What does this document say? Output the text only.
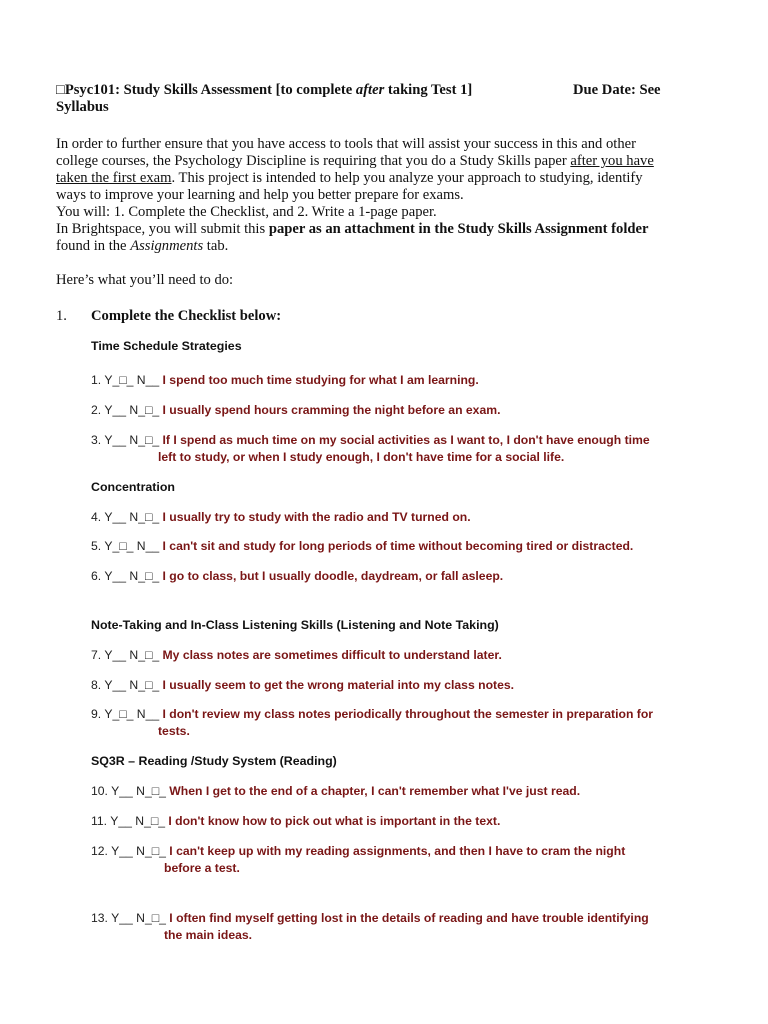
□Psyc101: Study Skills Assessment [to complete after taking Test 1]	Due Date: See
Syllabus
In order to further ensure that you have access to tools that will assist your success in this and other
college courses, the Psychology Discipline is requiring that you do a Study Skills paper after you have
taken the first exam. This project is intended to help you analyze your approach to studying, identify
ways to improve your learning and help you better prepare for exams.
You will: 1. Complete the Checklist, and 2. Write a 1-page paper.
In Brightspace, you will submit this paper as an attachment in the Study Skills Assignment folder
found in the Assignments tab.
Here’s what you’ll need to do:
1. Complete the Checklist below:
Time Schedule Strategies
1. Y_□_ N__ I spend too much time studying for what I am learning.
2. Y__ N_□_ I usually spend hours cramming the night before an exam.
3. Y__ N_□_ If I spend as much time on my social activities as I want to, I don't have enough time
left to study, or when I study enough, I don't have time for a social life.
Concentration
4. Y__ N_□_ I usually try to study with the radio and TV turned on.
5. Y_□_ N__ I can't sit and study for long periods of time without becoming tired or distracted.
6. Y__ N_□_ I go to class, but I usually doodle, daydream, or fall asleep.
Note-Taking and In-Class Listening Skills (Listening and Note Taking)
7. Y__ N_□_ My class notes are sometimes difficult to understand later.
8. Y__ N_□_ I usually seem to get the wrong material into my class notes.
9. Y_□_ N__ I don't review my class notes periodically throughout the semester in preparation for
tests.
SQ3R – Reading /Study System (Reading)
10. Y__ N_□_ When I get to the end of a chapter, I can't remember what I've just read.
11. Y__ N_□_ I don't know how to pick out what is important in the text.
12. Y__ N_□_ I can't keep up with my reading assignments, and then I have to cram the night
before a test.
13. Y__ N_□_ I often find myself getting lost in the details of reading and have trouble identifying
the main ideas.
